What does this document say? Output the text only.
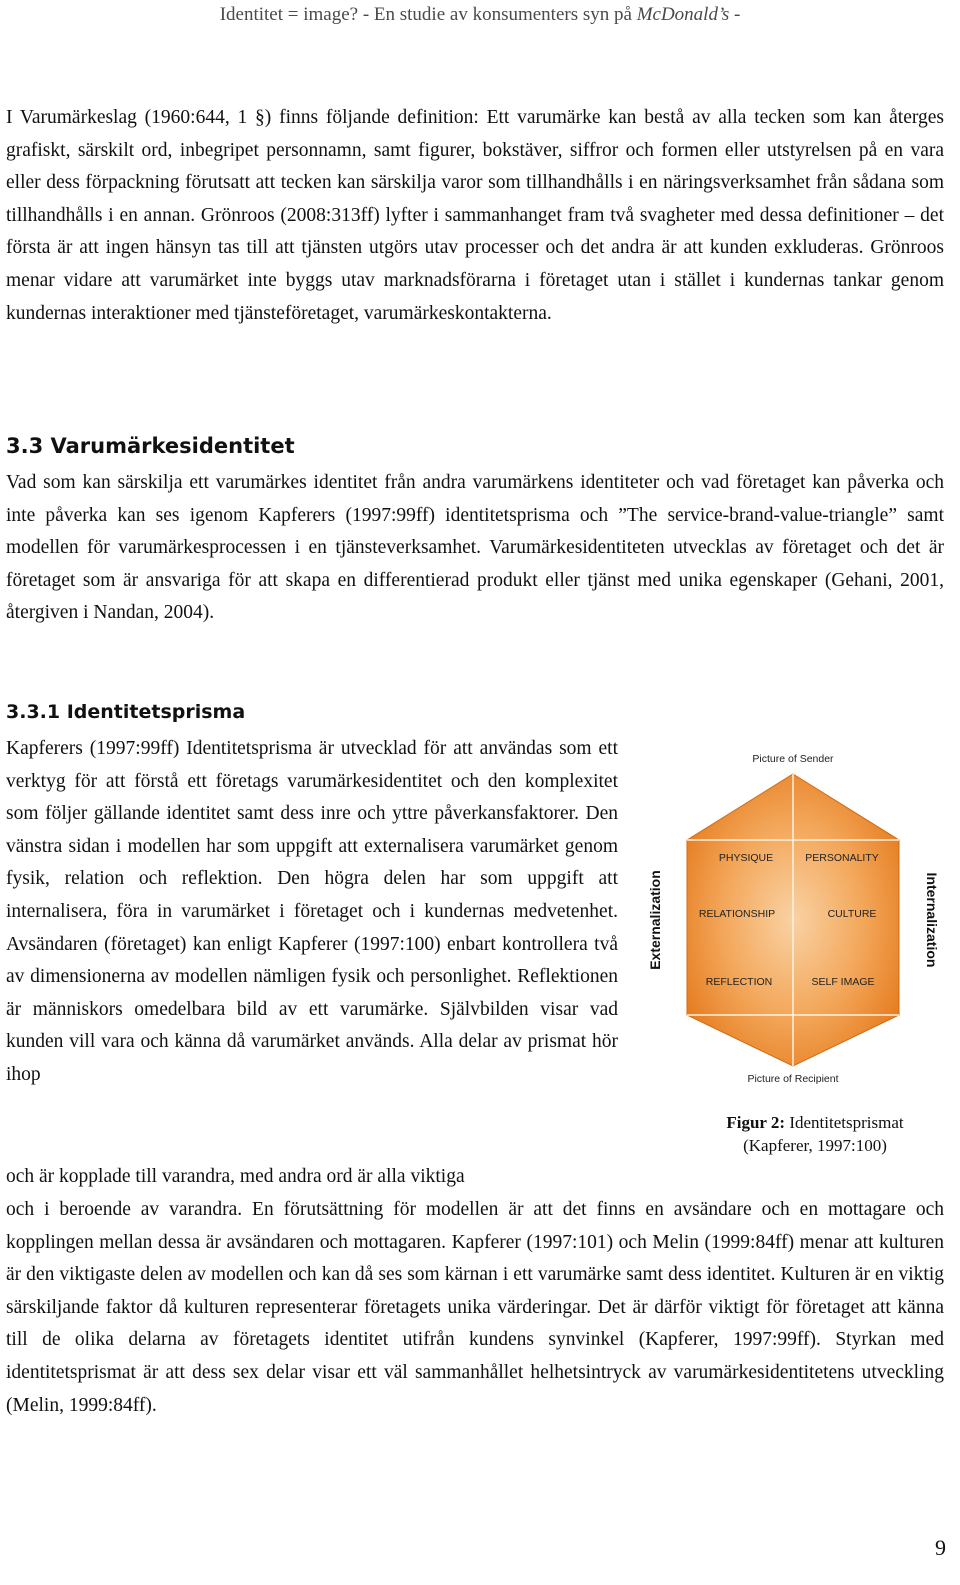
Identitet = image? - En studie av konsumenters syn på McDonald’s -

I Varumärkeslag (1960:644, 1 §) finns följande definition: Ett varumärke kan bestå av alla tecken som kan återges grafiskt, särskilt ord, inbegripet personnamn, samt figurer, bokstäver, siffror och formen eller utstyrelsen på en vara eller dess förpackning förutsatt att tecken kan särskilja varor som tillhandhålls i en näringsverksamhet från sådana som tillhandhålls i en annan. Grönroos (2008:313ff) lyfter i sammanhanget fram två svagheter med dessa definitioner – det första är att ingen hänsyn tas till att tjänsten utgörs utav processer och det andra är att kunden exkluderas. Grönroos menar vidare att varumärket inte byggs utav marknadsförarna i företaget utan i stället i kundernas tankar genom kundernas interaktioner med tjänsteföretaget, varumärkeskontakterna.

3.3 Varumärkesidentitet

Vad som kan särskilja ett varumärkes identitet från andra varumärkens identiteter och vad företaget kan påverka och inte påverka kan ses igenom Kapferers (1997:99ff) identitetsprisma och ”The service-brand-value-triangle” samt modellen för varumärkesprocessen i en tjänsteverksamhet. Varumärkesidentiteten utvecklas av företaget och det är företaget som är ansvariga för att skapa en differentierad produkt eller tjänst med unika egenskaper (Gehani, 2001, återgiven i Nandan, 2004).

3.3.1 Identitetsprisma

Kapferers (1997:99ff) Identitetsprisma är utvecklad för att användas som ett verktyg för att förstå ett företags varumärkesidentitet och den komplexitet som följer gällande identitet samt dess inre och yttre påverkansfaktorer. Den vänstra sidan i modellen har som uppgift att externalisera varumärket genom fysik, relation och reflektion. Den högra delen har som uppgift att internalisera, föra in varumärket i företaget och i kundernas medvetenhet. Avsändaren (företaget) kan enligt Kapferer (1997:100) enbart kontrollera två av dimensionerna av modellen nämligen fysik och personlighet. Reflektionen är människors omedelbara bild av ett varumärke. Självbilden visar vad kunden vill vara och känna då varumärket används. Alla delar av prismat hör ihop

Picture of Sender
PHYSIQUE	PERSONALITY
RELATIONSHIP	CULTURE
REFLECTION	SELF IMAGE
Picture of Recipient
Externalization	Internalization
Figur 2: Identitetsprismat
(Kapferer, 1997:100)

och är kopplade till varandra, med andra ord är alla viktiga

och i beroende av varandra. En förutsättning för modellen är att det finns en avsändare och en mottagare och kopplingen mellan dessa är avsändaren och mottagaren. Kapferer (1997:101) och Melin (1999:84ff) menar att kulturen är den viktigaste delen av modellen och kan då ses som kärnan i ett varumärke samt dess identitet. Kulturen är en viktig särskiljande faktor då kulturen representerar företagets unika värderingar. Det är därför viktigt för företaget att känna till de olika delarna av företagets identitet utifrån kundens synvinkel (Kapferer, 1997:99ff). Styrkan med identitetsprismat är att dess sex delar visar ett väl sammanhållet helhetsintryck av varumärkesidentitetens utveckling (Melin, 1999:84ff).

9
